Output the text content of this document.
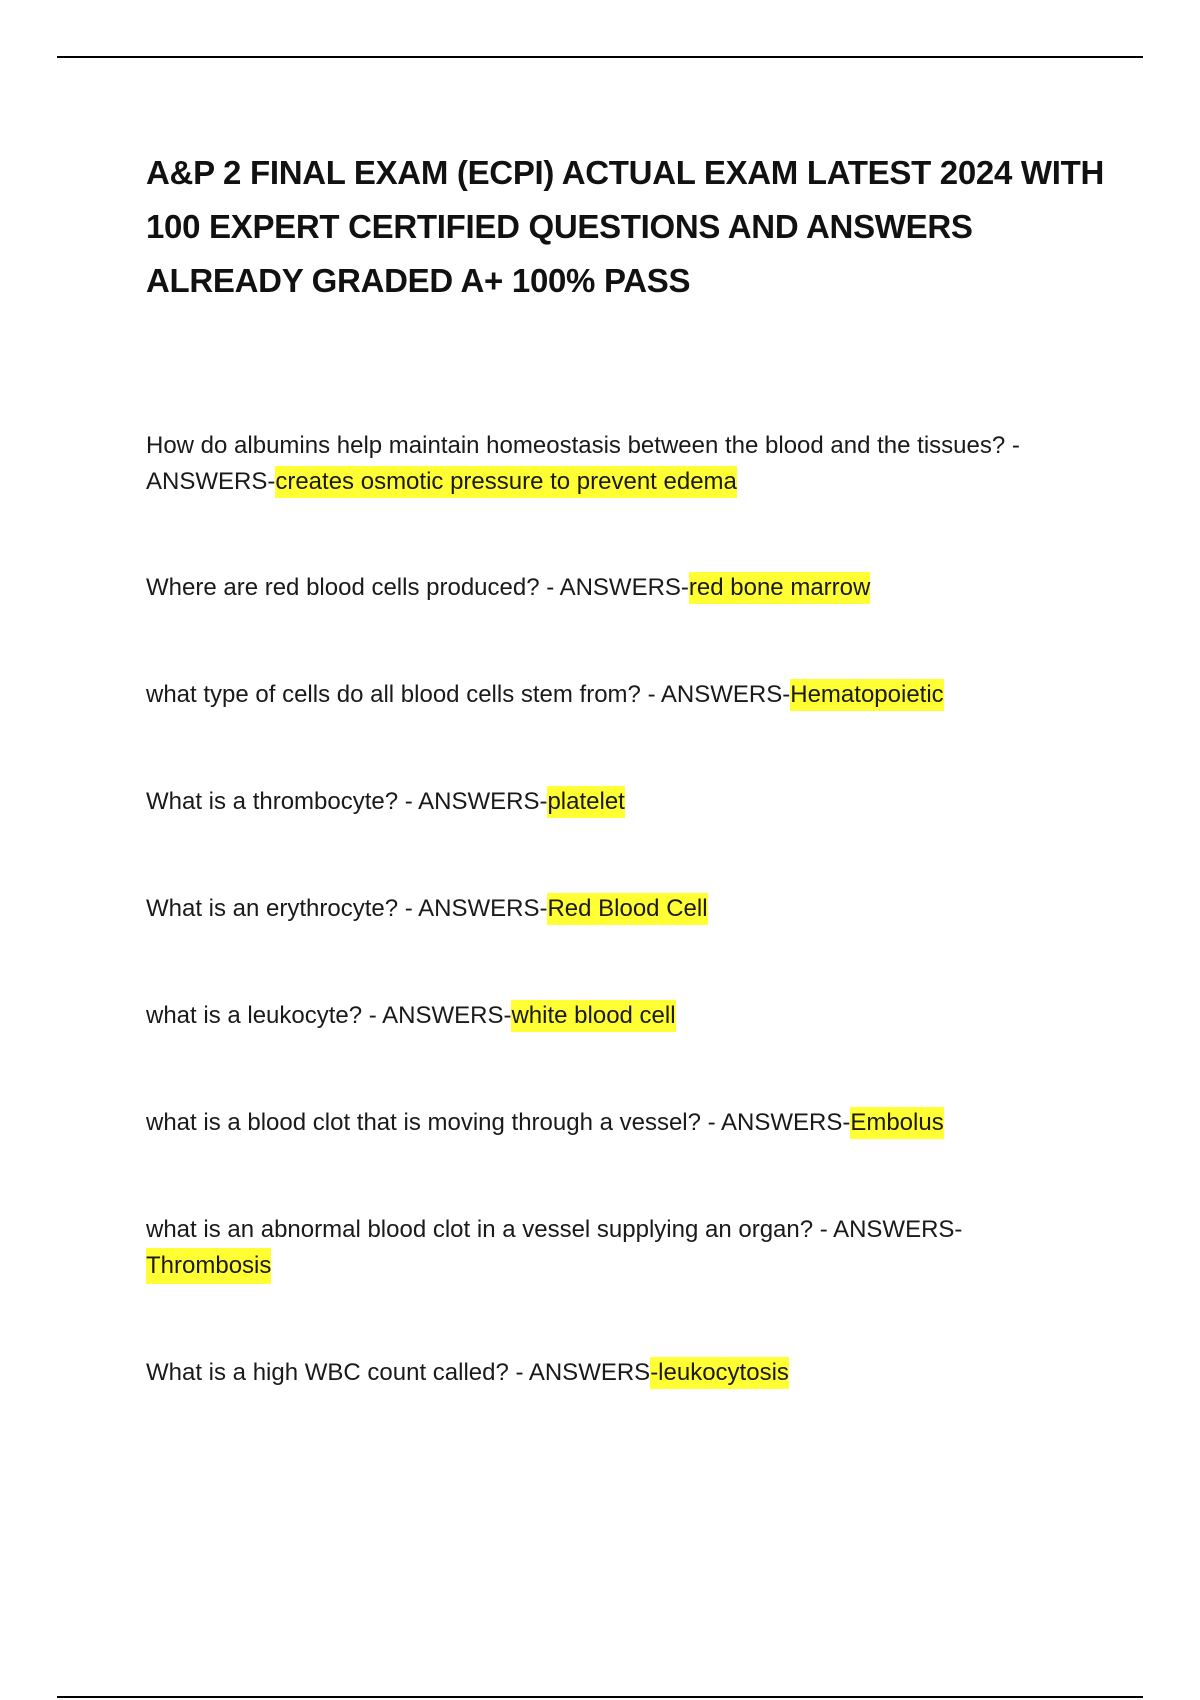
A&P 2 FINAL EXAM (ECPI) ACTUAL EXAM LATEST 2024 WITH 100 EXPERT CERTIFIED QUESTIONS AND ANSWERS ALREADY GRADED A+ 100% PASS

How do albumins help maintain homeostasis between the blood and the tissues? - ANSWERS-creates osmotic pressure to prevent edema

Where are red blood cells produced? - ANSWERS-red bone marrow

what type of cells do all blood cells stem from? - ANSWERS-Hematopoietic

What is a thrombocyte? - ANSWERS-platelet

What is an erythrocyte? - ANSWERS-Red Blood Cell

what is a leukocyte? - ANSWERS-white blood cell

what is a blood clot that is moving through a vessel? - ANSWERS-Embolus

what is an abnormal blood clot in a vessel supplying an organ? - ANSWERS-
Thrombosis

What is a high WBC count called? - ANSWERS-leukocytosis
